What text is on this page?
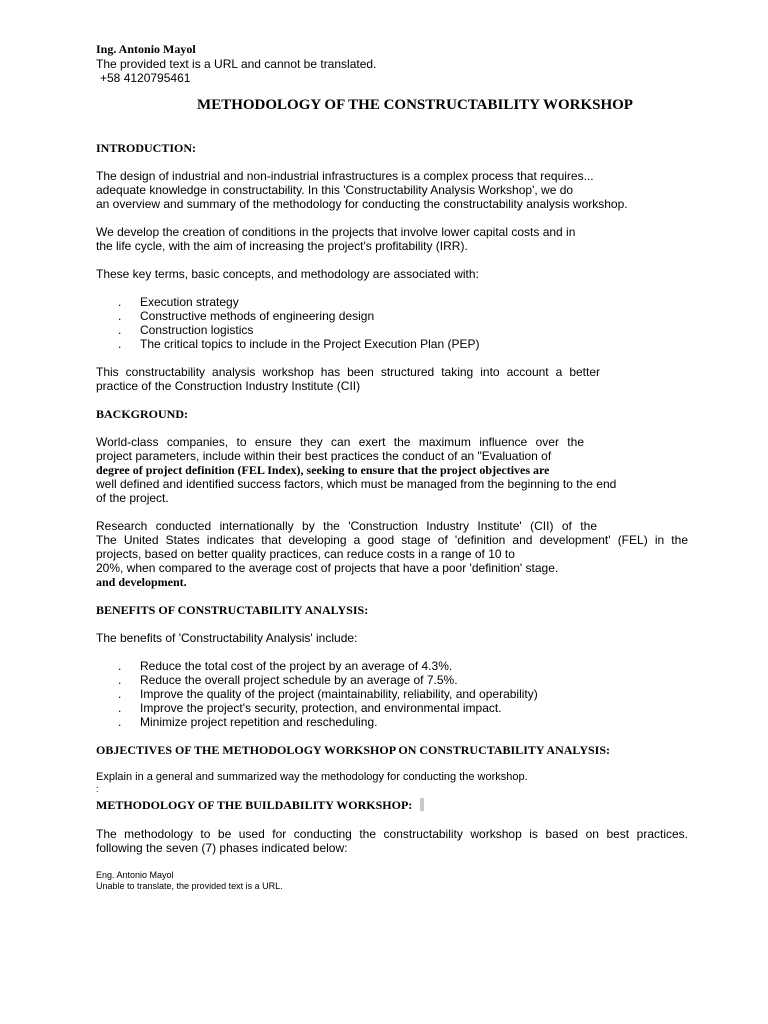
Ing. Antonio Mayol
The provided text is a URL and cannot be translated.
+58 4120795461
METHODOLOGY OF THE CONSTRUCTABILITY WORKSHOP
INTRODUCTION:
The design of industrial and non-industrial infrastructures is a complex process that requires...
adequate knowledge in constructability. In this 'Constructability Analysis Workshop', we do
an overview and summary of the methodology for conducting the constructability analysis workshop.
We develop the creation of conditions in the projects that involve lower capital costs and in
the life cycle, with the aim of increasing the project's profitability (IRR).
These key terms, basic concepts, and methodology are associated with:
. Execution strategy
. Constructive methods of engineering design
. Construction logistics
. The critical topics to include in the Project Execution Plan (PEP)
This constructability analysis workshop has been structured taking into account a better
practice of the Construction Industry Institute (CII)
BACKGROUND:
World-class companies, to ensure they can exert the maximum influence over the
project parameters, include within their best practices the conduct of an "Evaluation of
degree of project definition (FEL Index), seeking to ensure that the project objectives are
well defined and identified success factors, which must be managed from the beginning to the end
of the project.
Research conducted internationally by the 'Construction Industry Institute' (CII) of the
The United States indicates that developing a good stage of 'definition and development' (FEL) in the
projects, based on better quality practices, can reduce costs in a range of 10 to
20%, when compared to the average cost of projects that have a poor 'definition' stage.
and development.
BENEFITS OF CONSTRUCTABILITY ANALYSIS:
The benefits of 'Constructability Analysis' include:
. Reduce the total cost of the project by an average of 4.3%.
. Reduce the overall project schedule by an average of 7.5%.
. Improve the quality of the project (maintainability, reliability, and operability)
. Improve the project's security, protection, and environmental impact.
. Minimize project repetition and rescheduling.
OBJECTIVES OF THE METHODOLOGY WORKSHOP ON CONSTRUCTABILITY ANALYSIS:
Explain in a general and summarized way the methodology for conducting the workshop.
:
METHODOLOGY OF THE BUILDABILITY WORKSHOP:
The methodology to be used for conducting the constructability workshop is based on best practices.
following the seven (7) phases indicated below:
Eng. Antonio Mayol
Unable to translate, the provided text is a URL.
